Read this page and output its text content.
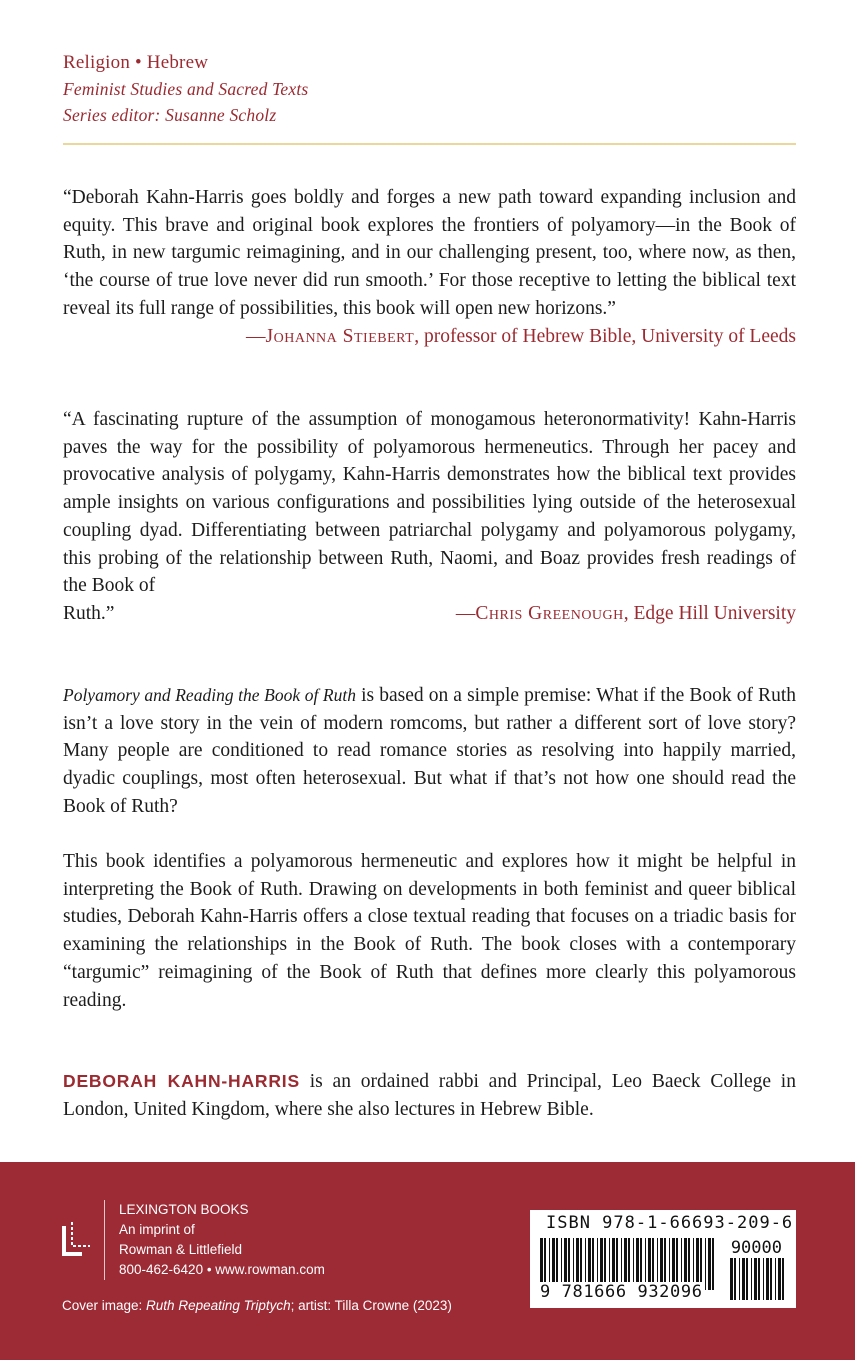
Religion • Hebrew
Feminist Studies and Sacred Texts
Series editor: Susanne Scholz
“Deborah Kahn-Harris goes boldly and forges a new path toward expanding inclusion and equity. This brave and original book explores the frontiers of polyamory—in the Book of Ruth, in new targumic reimagining, and in our challenging present, too, where now, as then, ‘the course of true love never did run smooth.’ For those receptive to letting the biblical text reveal its full range of possibilities, this book will open new horizons.”
—Johanna Stiebert, professor of Hebrew Bible, University of Leeds
“A fascinating rupture of the assumption of monogamous heteronormativity! Kahn-Harris paves the way for the possibility of polyamorous hermeneutics. Through her pacey and provocative analysis of polygamy, Kahn-Harris demonstrates how the biblical text provides ample insights on various configurations and possibilities lying outside of the heterosexual coupling dyad. Differentiating between patriarchal polygamy and polyamorous polygamy, this probing of the relationship between Ruth, Naomi, and Boaz provides fresh readings of the Book of
Ruth.”	—Chris Greenough, Edge Hill University
Polyamory and Reading the Book of Ruth is based on a simple premise: What if the Book of Ruth isn’t a love story in the vein of modern romcoms, but rather a different sort of love story? Many people are conditioned to read romance stories as resolving into happily married, dyadic couplings, most often heterosexual. But what if that’s not how one should read the Book of Ruth?
This book identifies a polyamorous hermeneutic and explores how it might be helpful in interpreting the Book of Ruth. Drawing on developments in both feminist and queer biblical studies, Deborah Kahn-Harris offers a close textual reading that focuses on a triadic basis for examining the relationships in the Book of Ruth. The book closes with a contemporary “targumic” reimagining of the Book of Ruth that defines more clearly this polyamorous reading.
DEBORAH KAHN-HARRIS is an ordained rabbi and Principal, Leo Baeck College in London, United Kingdom, where she also lectures in Hebrew Bible.
LEXINGTON BOOKS
An imprint of
Rowman & Littlefield
800-462-6420 • www.rowman.com
Cover image: Ruth Repeating Triptych; artist: Tilla Crowne (2023)
ISBN 978-1-66693-209-6
90000
9 781666 932096
